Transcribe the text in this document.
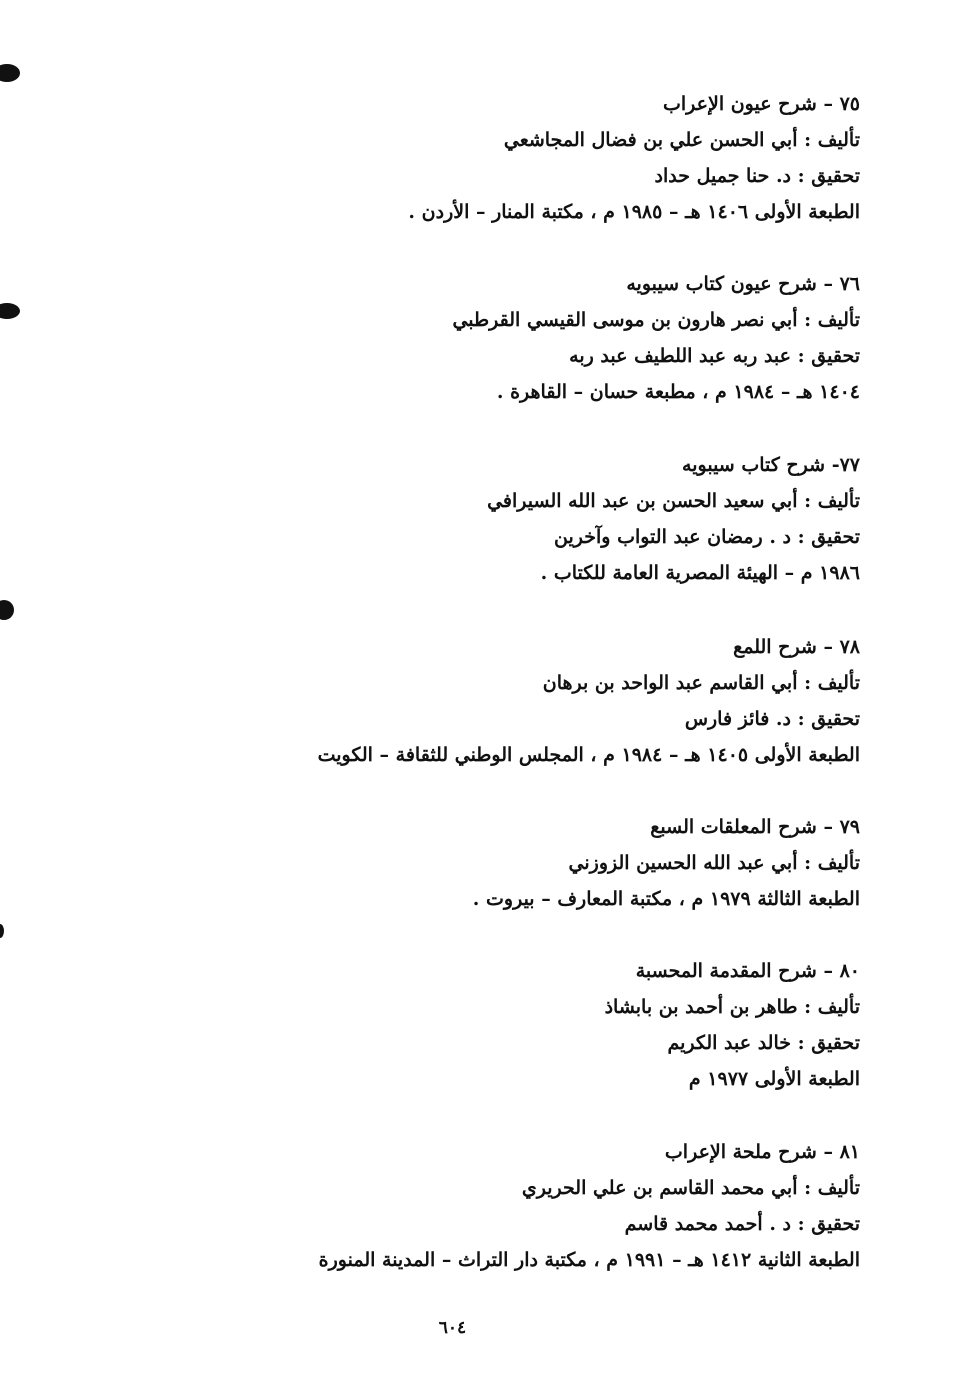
٧٥ – شرح عيون الإعراب
تأليف : أبي الحسن علي بن فضال المجاشعي
تحقيق : د. حنا جميل حداد
الطبعة الأولى ١٤٠٦ هـ – ١٩٨٥ م ، مكتبة المنار – الأردن .
٧٦ – شرح عيون كتاب سيبويه
تأليف : أبي نصر هارون بن موسى القيسي القرطبي
تحقيق : عبد ربه عبد اللطيف عبد ربه
١٤٠٤ هـ – ١٩٨٤ م ، مطبعة حسان – القاهرة .
٧٧- شرح كتاب سيبويه
تأليف : أبي سعيد الحسن بن عبد الله السيرافي
تحقيق : د . رمضان عبد التواب وآخرين
١٩٨٦ م – الهيئة المصرية العامة للكتاب .
٧٨ – شرح اللمع
تأليف : أبي القاسم عبد الواحد بن برهان
تحقيق : د. فائز فارس
الطبعة الأولى ١٤٠٥ هـ – ١٩٨٤ م ، المجلس الوطني للثقافة – الكويت
٧٩ – شرح المعلقات السبع
تأليف : أبي عبد الله الحسين الزوزني
الطبعة الثالثة ١٩٧٩ م ، مكتبة المعارف – بيروت .
٨٠ – شرح المقدمة المحسبة
تأليف : طاهر بن أحمد بن بابشاذ
تحقيق : خالد عبد الكريم
الطبعة الأولى ١٩٧٧ م
٨١ – شرح ملحة الإعراب
تأليف : أبي محمد القاسم بن علي الحريري
تحقيق : د . أحمد محمد قاسم
الطبعة الثانية ١٤١٢ هـ – ١٩٩١ م ، مكتبة دار التراث – المدينة المنورة
٦٠٤
